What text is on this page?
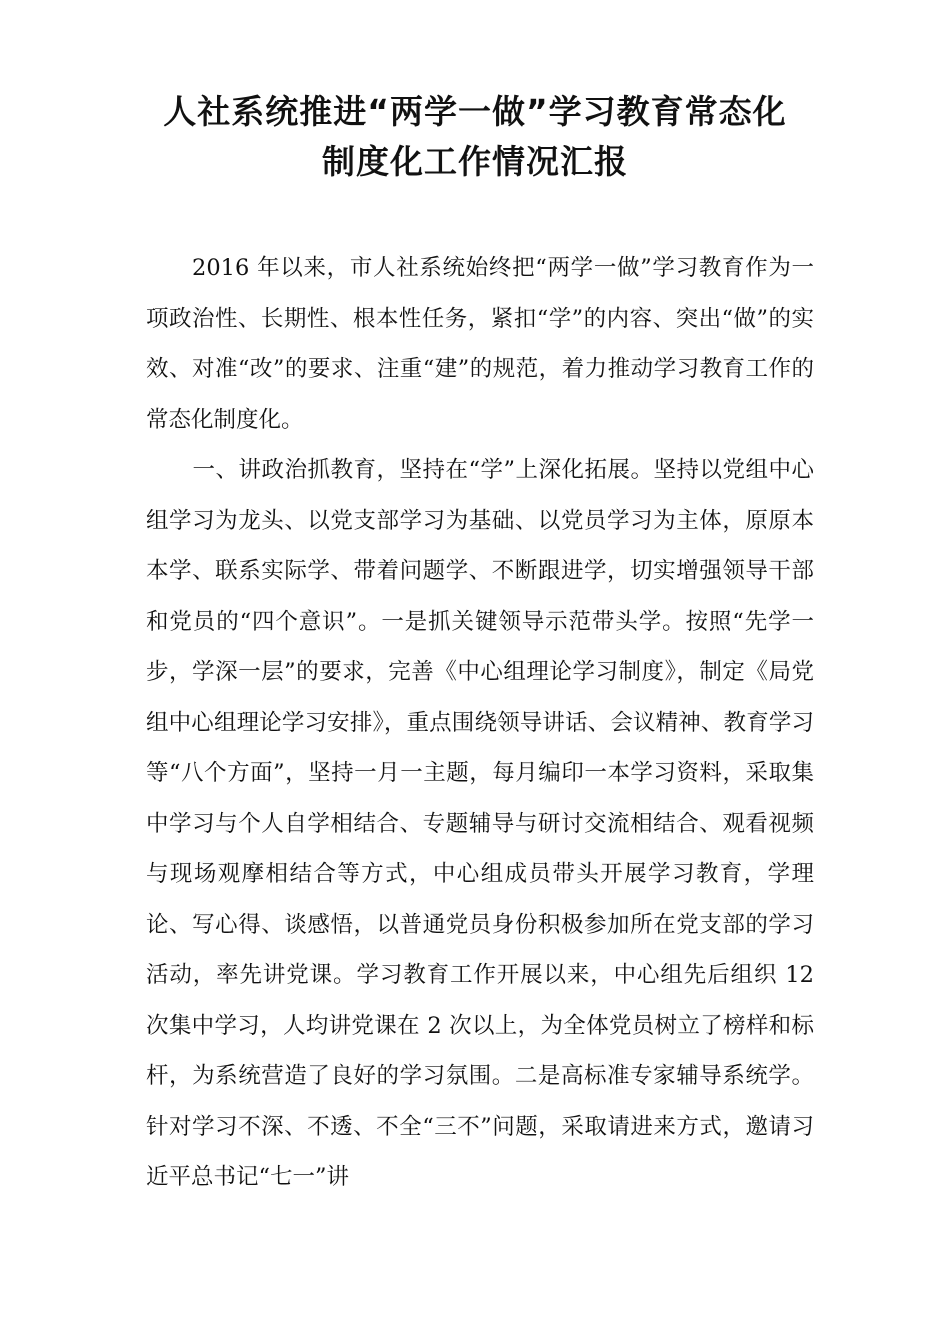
人社系统推进“两学一做”学习教育常态化
制度化工作情况汇报

2016 年以来，市人社系统始终把“两学一做”学习教育作为一项政治性、长期性、根本性任务，紧扣“学”的内容、突出“做”的实效、对准“改”的要求、注重“建”的规范，着力推动学习教育工作的常态化制度化。

一、讲政治抓教育，坚持在“学”上深化拓展。坚持以党组中心组学习为龙头、以党支部学习为基础、以党员学习为主体，原原本本学、联系实际学、带着问题学、不断跟进学，切实增强领导干部和党员的“四个意识”。一是抓关键领导示范带头学。按照“先学一步，学深一层”的要求，完善《中心组理论学习制度》，制定《局党组中心组理论学习安排》，重点围绕领导讲话、会议精神、教育学习等“八个方面”，坚持一月一主题，每月编印一本学习资料，采取集中学习与个人自学相结合、专题辅导与研讨交流相结合、观看视频与现场观摩相结合等方式，中心组成员带头开展学习教育，学理论、写心得、谈感悟，以普通党员身份积极参加所在党支部的学习活动，率先讲党课。学习教育工作开展以来，中心组先后组织 12 次集中学习，人均讲党课在 2 次以上，为全体党员树立了榜样和标杆，为系统营造了良好的学习氛围。二是高标准专家辅导系统学。针对学习不深、不透、不全“三不”问题，采取请进来方式，邀请习近平总书记“七一”讲
